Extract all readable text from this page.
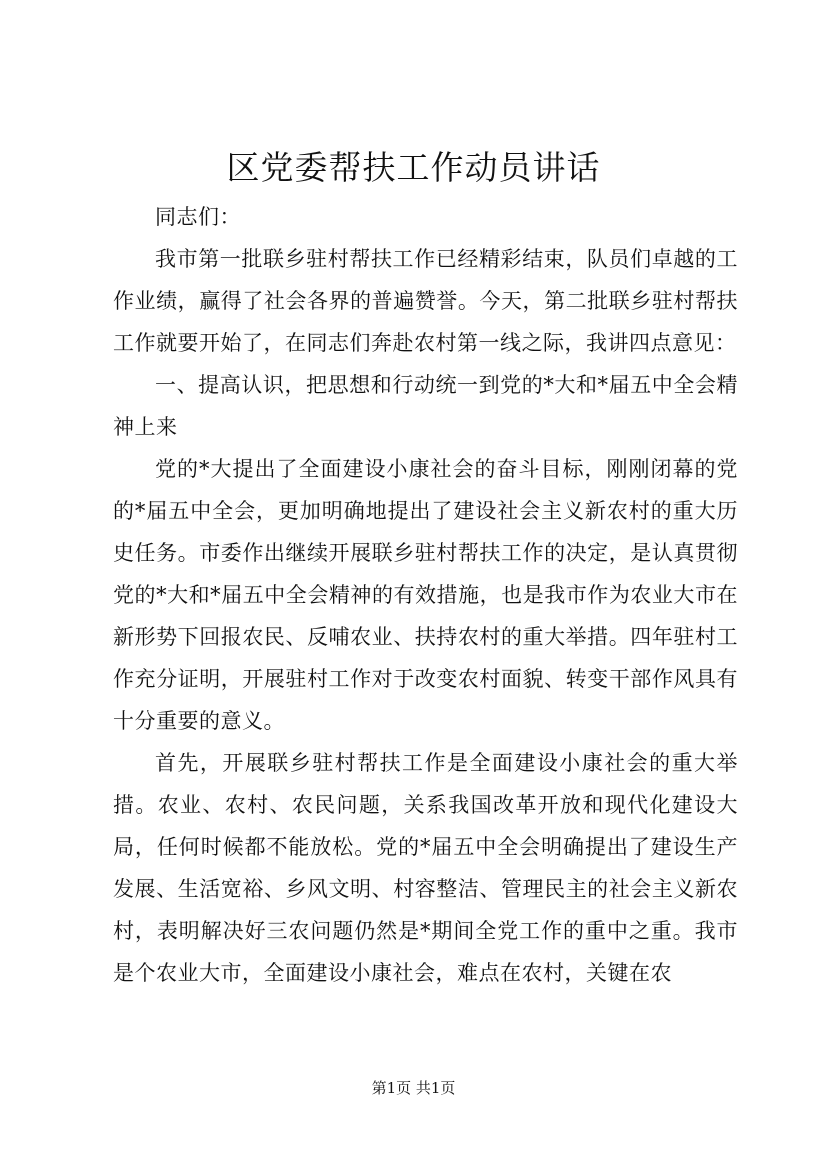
区党委帮扶工作动员讲话

同志们：

我市第一批联乡驻村帮扶工作已经精彩结束，队员们卓越的工作业绩，赢得了社会各界的普遍赞誉。今天，第二批联乡驻村帮扶工作就要开始了，在同志们奔赴农村第一线之际，我讲四点意见：

一、提高认识，把思想和行动统一到党的*大和*届五中全会精神上来

党的*大提出了全面建设小康社会的奋斗目标，刚刚闭幕的党的*届五中全会，更加明确地提出了建设社会主义新农村的重大历史任务。市委作出继续开展联乡驻村帮扶工作的决定，是认真贯彻党的*大和*届五中全会精神的有效措施，也是我市作为农业大市在新形势下回报农民、反哺农业、扶持农村的重大举措。四年驻村工作充分证明，开展驻村工作对于改变农村面貌、转变干部作风具有十分重要的意义。

首先，开展联乡驻村帮扶工作是全面建设小康社会的重大举措。农业、农村、农民问题，关系我国改革开放和现代化建设大局，任何时候都不能放松。党的*届五中全会明确提出了建设生产发展、生活宽裕、乡风文明、村容整洁、管理民主的社会主义新农村，表明解决好三农问题仍然是*期间全党工作的重中之重。我市是个农业大市，全面建设小康社会，难点在农村，关键在农

第1页 共1页
